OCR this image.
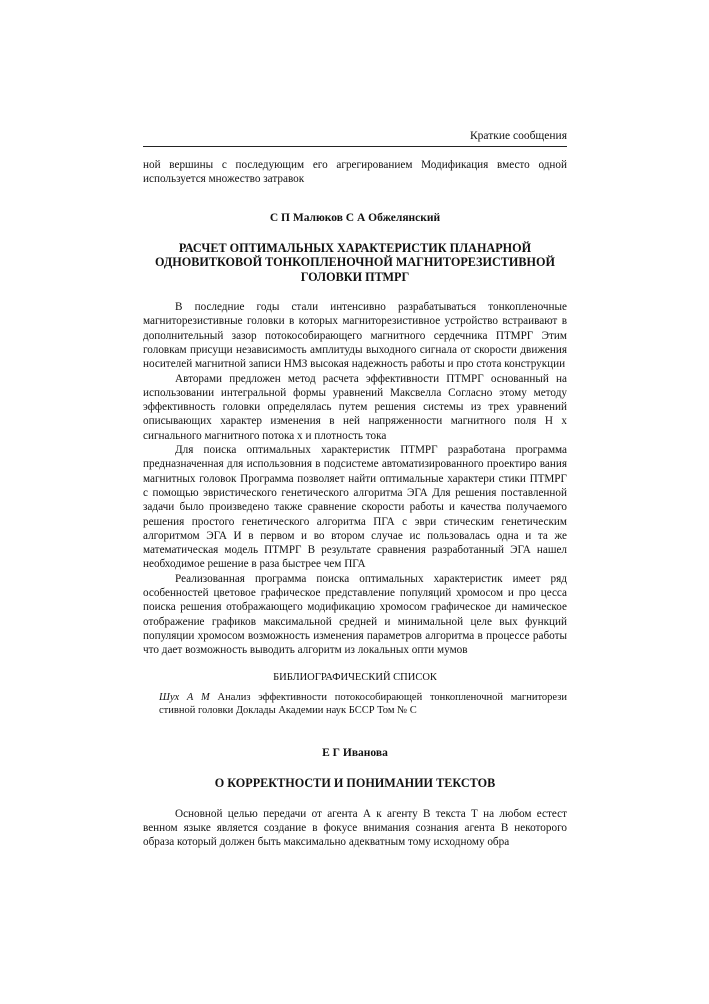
Краткие сообщения

ной вершины с последующим его агрегированием Модификация вместо одной используется множество затравок

С П Малюков С А Обжелянский
РАСЧЕТ ОПТИМАЛЬНЫХ ХАРАКТЕРИСТИК ПЛАНАРНОЙ ОДНОВИТКОВОЙ ТОНКОПЛЕНОЧНОЙ МАГНИТОРЕЗИСТИВНОЙ ГОЛОВКИ ПТМРГ

В последние годы стали интенсивно разрабатываться тонкопленочные магниторезистивные головки в которых магниторезистивное устройство встраивают в дополнительный зазор потокособирающего магнитного сердечника ПТМРГ Этим головкам присущи независимость амплитуды выходного сигнала от скорости движения носителей магнитной записи НМЗ высокая надежность работы и про стота конструкции

Авторами предложен метод расчета эффективности ПТМРГ основанный на использовании интегральной формы уравнений Максвелла Согласно этому методу эффективность головки определялась путем решения системы из трех уравнений описывающих характер изменения в ней напряженности магнитного поля Н х сигнального магнитного потока х и плотность тока

Для поиска оптимальных характеристик ПТМРГ разработана программа предназначенная для использовния в подсистеме автоматизированного проектиро вания магнитных головок Программа позволяет найти оптимальные характери стики ПТМРГ с помощью эвристического генетического алгоритма ЭГА Для решения поставленной задачи было произведено также сравнение скорости работы и качества получаемого решения простого генетического алгоритма ПГА с эври стическим генетическим алгоритмом ЭГА И в первом и во втором случае ис пользовалась одна и та же математическая модель ПТМРГ В результате сравнения разработанный ЭГА нашел необходимое решение в раза быстрее чем ПГА

Реализованная программа поиска оптимальных характеристик имеет ряд особенностей цветовое графическое представление популяций хромосом и про цесса поиска решения отображающего модификацию хромосом графическое ди намическое отображение графиков максимальной средней и минимальной целе вых функций популяции хромосом возможность изменения параметров алгоритма в процессе работы что дает возможность выводить алгоритм из локальных опти мумов

БИБЛИОГРАФИЧЕСКИЙ СПИСОК

Шух А М Анализ эффективности потокособирающей тонкопленочной магниторези стивной головки Доклады Академии наук БССР Том № С

Е Г Иванова
О КОРРЕКТНОСТИ И ПОНИМАНИИ ТЕКСТОВ

Основной целью передачи от агента А к агенту В текста Т на любом естест венном языке является создание в фокусе внимания сознания агента В некоторого образа который должен быть максимально адекватным тому исходному обра
